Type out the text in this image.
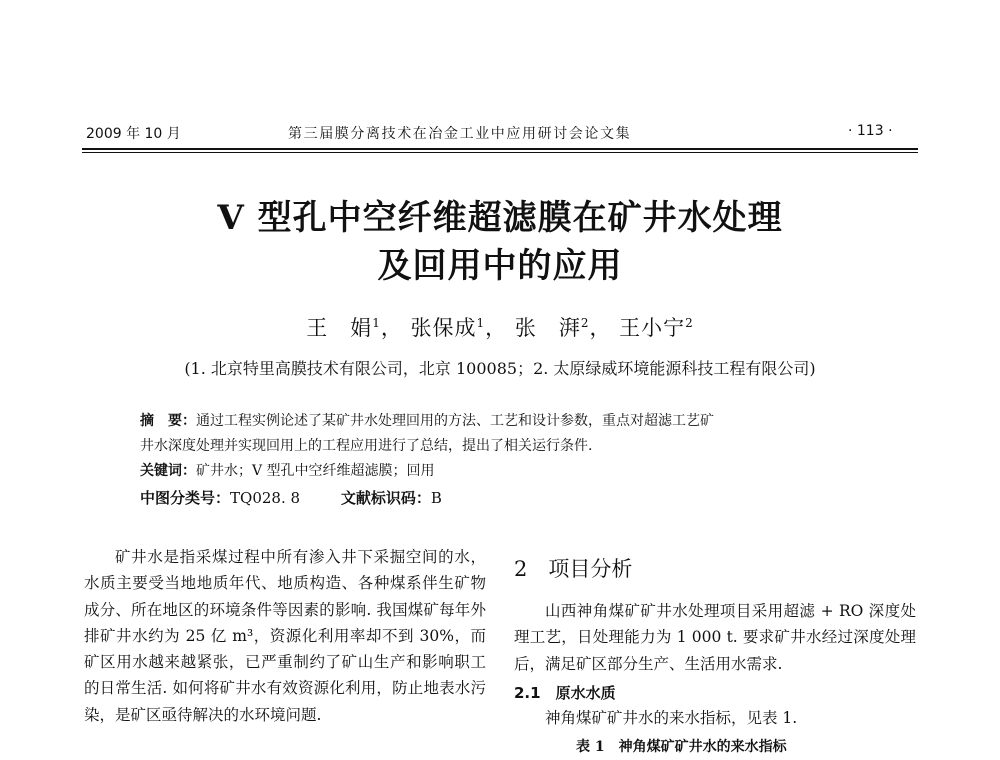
2009 年 10 月	第三届膜分离技术在冶金工业中应用研讨会论文集	· 113 ·
V 型孔中空纤维超滤膜在矿井水处理
及回用中的应用
王　娟$^1$， 张保成$^1$， 张　湃$^2$， 王小宁$^2$
(1. 北京特里高膜技术有限公司，北京 100085；2. 太原绿威环境能源科技工程有限公司)
摘　要：通过工程实例论述了某矿井水处理回用的方法、工艺和设计参数，重点对超滤工艺矿
井水深度处理并实现回用上的工程应用进行了总结，提出了相关运行条件.
关键词：矿井水；V 型孔中空纤维超滤膜；回用
中图分类号：TQ028. 8	文献标识码：B

矿井水是指采煤过程中所有渗入井下采掘空间的水，水质主要受当地地质年代、地质构造、各种煤系伴生矿物成分、所在地区的环境条件等因素的影响. 我国煤矿每年外排矿井水约为 25 亿 m³，资源化利用率却不到 30%，而矿区用水越来越紧张，已严重制约了矿山生产和影响职工的日常生活. 如何将矿井水有效资源化利用，防止地表水污染，是矿区亟待解决的水环境问题.

2　项目分析

山西神角煤矿矿井水处理项目采用超滤 + RO 深度处理工艺，日处理能力为 1 000 t. 要求矿井水经过深度处理后，满足矿区部分生产、生活用水需求.

2.1　原水水质

神角煤矿矿井水的来水指标，见表 1.

表 1　神角煤矿矿井水的来水指标
